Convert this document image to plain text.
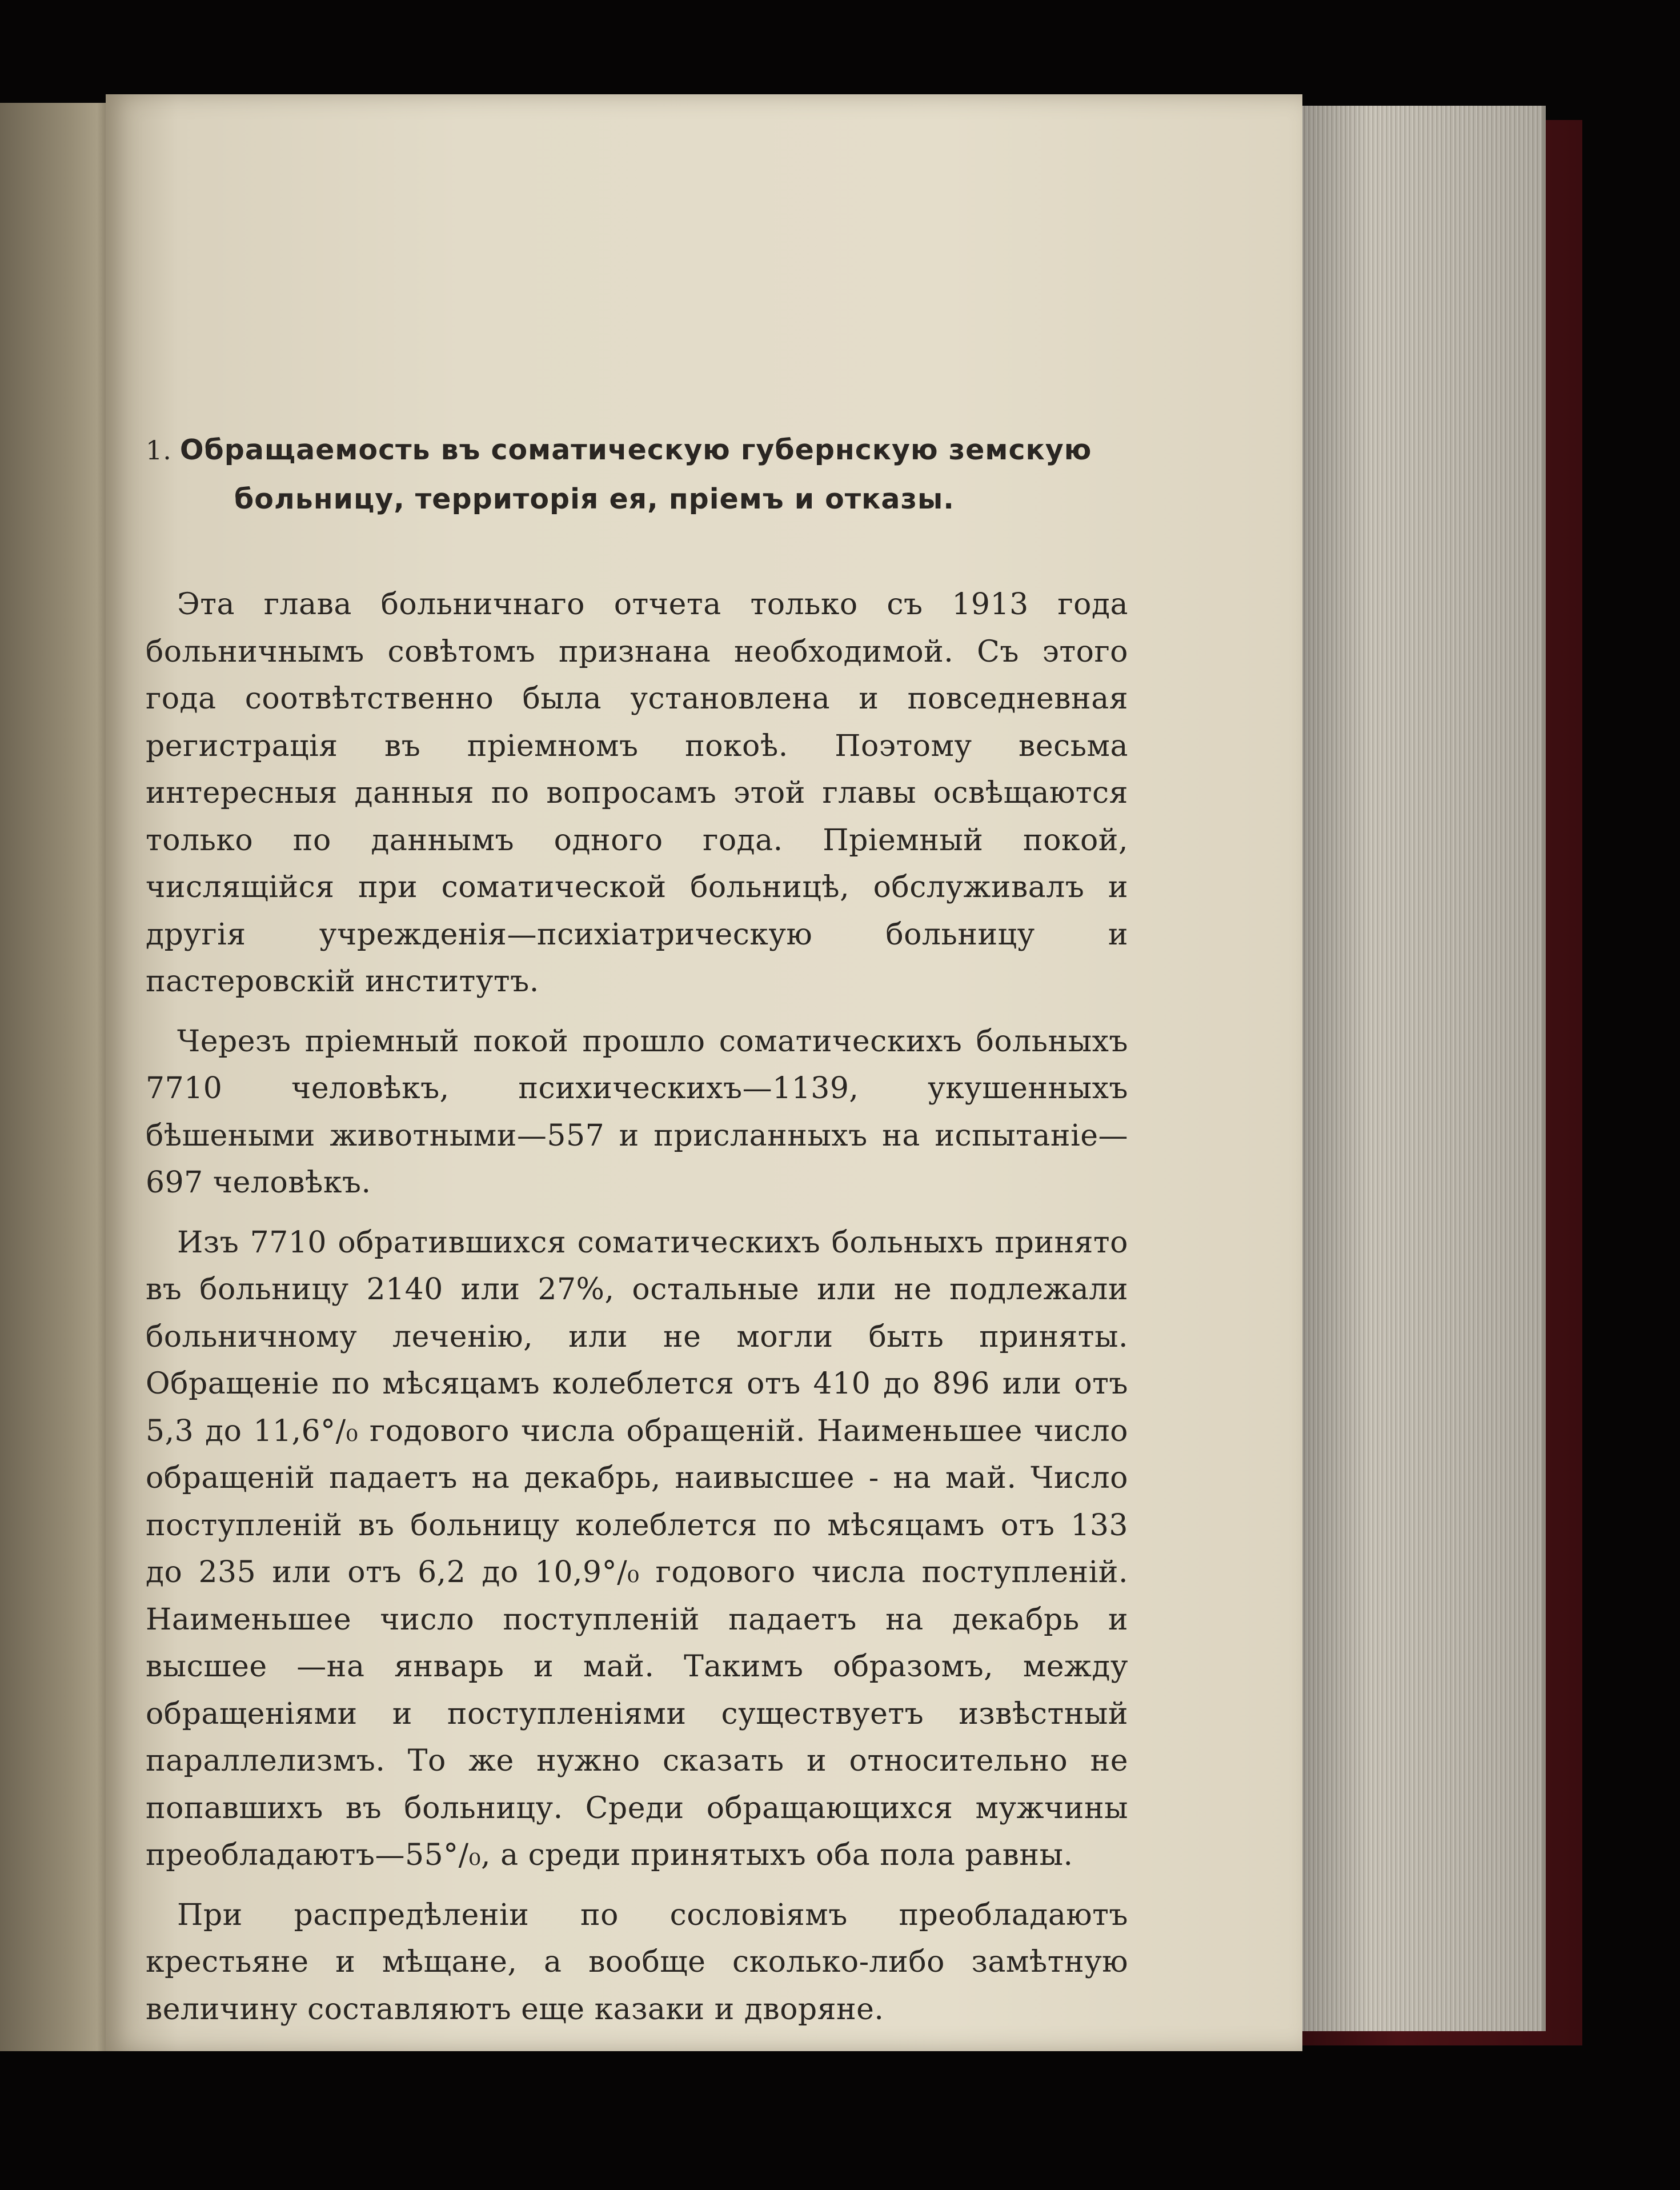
1. Обращаемость въ соматическую губернскую земскую
больницу, территорія ея, пріемъ и отказы.

Эта глава больничнаго отчета только съ 1913 года больничнымъ совѣтомъ признана необходимой. Съ этого года соотвѣтственно была установлена и повседневная регистрація въ пріемномъ покоѣ. Поэтому весьма интересныя данныя по вопросамъ этой главы освѣщаются только по даннымъ одного года. Пріемный покой, числящійся при соматической больницѣ, обслуживалъ и другія учрежденія—психіатрическую больницу и пастеровскій институтъ.

Черезъ пріемный покой прошло соматическихъ больныхъ 7710 человѣкъ, психическихъ—1139, укушенныхъ бѣшеными животными—557 и присланныхъ на испытаніе—697 человѣкъ.

Изъ 7710 обратившихся соматическихъ больныхъ принято въ больницу 2140 или 27%, остальные или не подлежали больничному леченію, или не могли быть приняты. Обращеніе по мѣсяцамъ колеблется отъ 410 до 896 или отъ 5,3 до 11,6°/₀ годового числа обращеній. Наименьшее число обращеній падаетъ на декабрь, наивысшее - на май. Число поступленій въ больницу колеблется по мѣсяцамъ отъ 133 до 235 или отъ 6,2 до 10,9°/₀ годового числа поступленій. Наименьшее число поступленій падаетъ на декабрь и высшее —на январь и май. Такимъ образомъ, между обращеніями и поступленіями существуетъ извѣстный параллелизмъ. То же нужно сказать и относительно не попавшихъ въ больницу. Среди обращающихся мужчины преобладаютъ—55°/₀, а среди принятыхъ оба пола равны.

При распредѣленіи по сословіямъ преобладаютъ крестьяне и мѣщане, а вообще сколько-либо замѣтную величину составляютъ еще казаки и дворяне.
